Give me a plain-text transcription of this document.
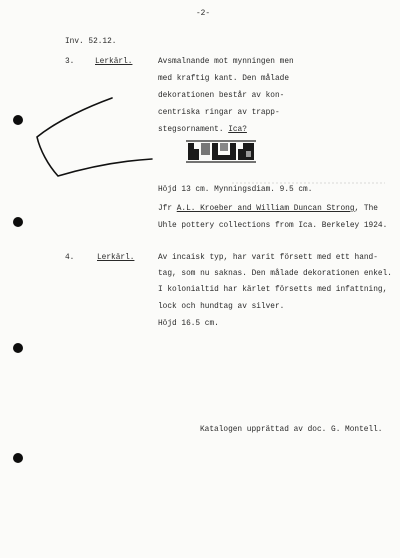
-2-
Inv. 52.12.
3.	Lerkärl.	Avsmalnande mot mynningen men
med kraftig kant. Den målade
dekorationen består av kon-
centriska ringar av trapp-
stegsornament. Ica?
Höjd 13 cm. Mynningsdiam. 9.5 cm.
Jfr A.L. Kroeber and William Duncan Strong, The
Uhle pottery collections from Ica. Berkeley 1924.
4.	Lerkärl.	Av incaisk typ, har varit försett med ett hand-
tag, som nu saknas. Den målade dekorationen enkel.
I kolonialtid har kärlet försetts med infattning,
lock och hundtag av silver.
Höjd 16.5 cm.
Katalogen upprättad av doc. G. Montell.
